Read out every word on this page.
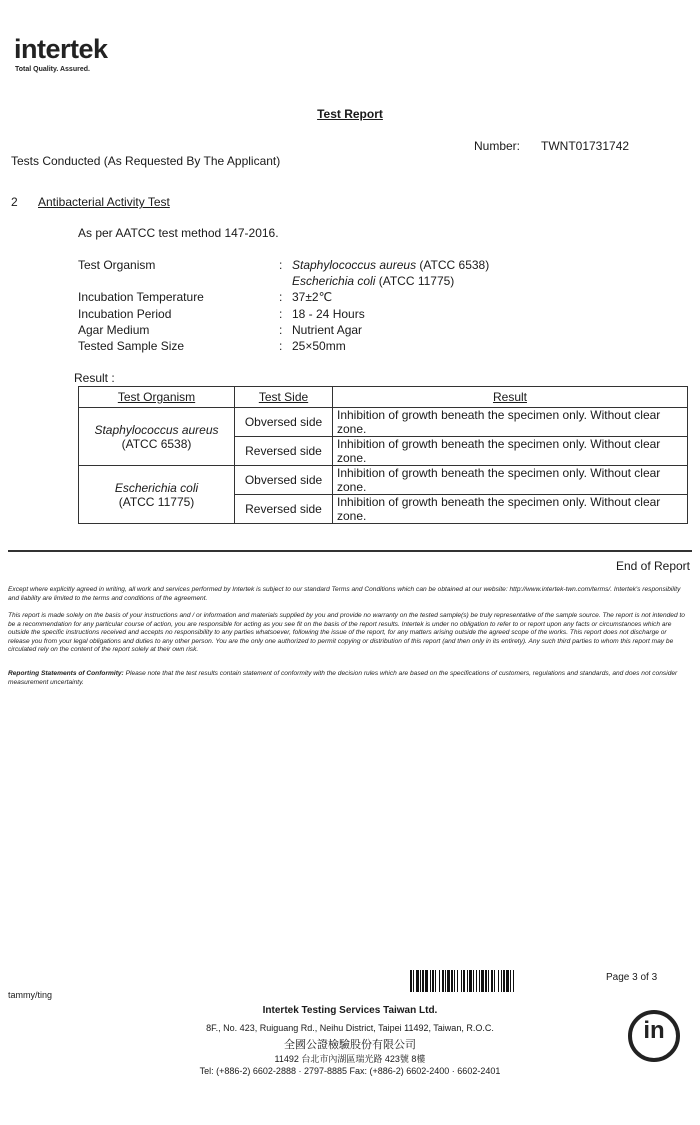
intertek
Total Quality. Assured.
Test Report
Number: TWNT01731742
Tests Conducted (As Requested By The Applicant)
2 Antibacterial Activity Test
As per AATCC test method 147-2016.
Test Organism	: Staphylococcus aureus (ATCC 6538)
Escherichia coli (ATCC 11775)
Incubation Temperature	: 37±2℃
Incubation Period	: 18 - 24 Hours
Agar Medium	: Nutrient Agar
Tested Sample Size	: 25×50mm
Result :
Test Organism	Test Side	Result

Staphylococcus aureus
(ATCC 6538)	Obversed side	Inhibition of growth beneath the specimen only. Without clear zone.
	Reversed side	Inhibition of growth beneath the specimen only. Without clear zone.

Escherichia coli
(ATCC 11775)	Obversed side	Inhibition of growth beneath the specimen only. Without clear zone.
	Reversed side	Inhibition of growth beneath the specimen only. Without clear zone.
End of Report
Except where explicitly agreed in writing, all work and services performed by Intertek is subject to our standard Terms and Conditions which can be obtained at our website: http://www.intertek-twn.com/terms/. Intertek's responsibility and liability are limited to the terms and conditions of the agreement.
This report is made solely on the basis of your instructions and / or information and materials supplied by you and provide no warranty on the tested sample(s) be truly representative of the sample source. The report is not intended to be a recommendation for any particular course of action, you are responsible for acting as you see fit on the basis of the report results. Intertek is under no obligation to refer to or report upon any facts or circumstances which are outside the specific instructions received and accepts no responsibility to any parties whatsoever, following the issue of the report, for any matters arising outside the agreed scope of the works. This report does not discharge or release you from your legal obligations and duties to any other person. You are the only one authorized to permit copying or distribution of this report (and then only in its entirety). Any such third parties to whom this report may be circulated rely on the content of the report solely at their own risk.
Reporting Statements of Conformity: Please note that the test results contain statement of conformity with the decision rules which are based on the specifications of customers, regulations and standards, and does not consider measurement uncertainty.
Page 3 of 3
tammy/ting
Intertek Testing Services Taiwan Ltd.
8F., No. 423, Ruiguang Rd., Neihu District, Taipei 11492, Taiwan, R.O.C.
全國公證檢驗股份有限公司
11492 台北市內湖區瑞光路 423號 8樓
Tel: (+886-2) 6602-2888 · 2797-8885 Fax: (+886-2) 6602-2400 · 6602-2401
in
